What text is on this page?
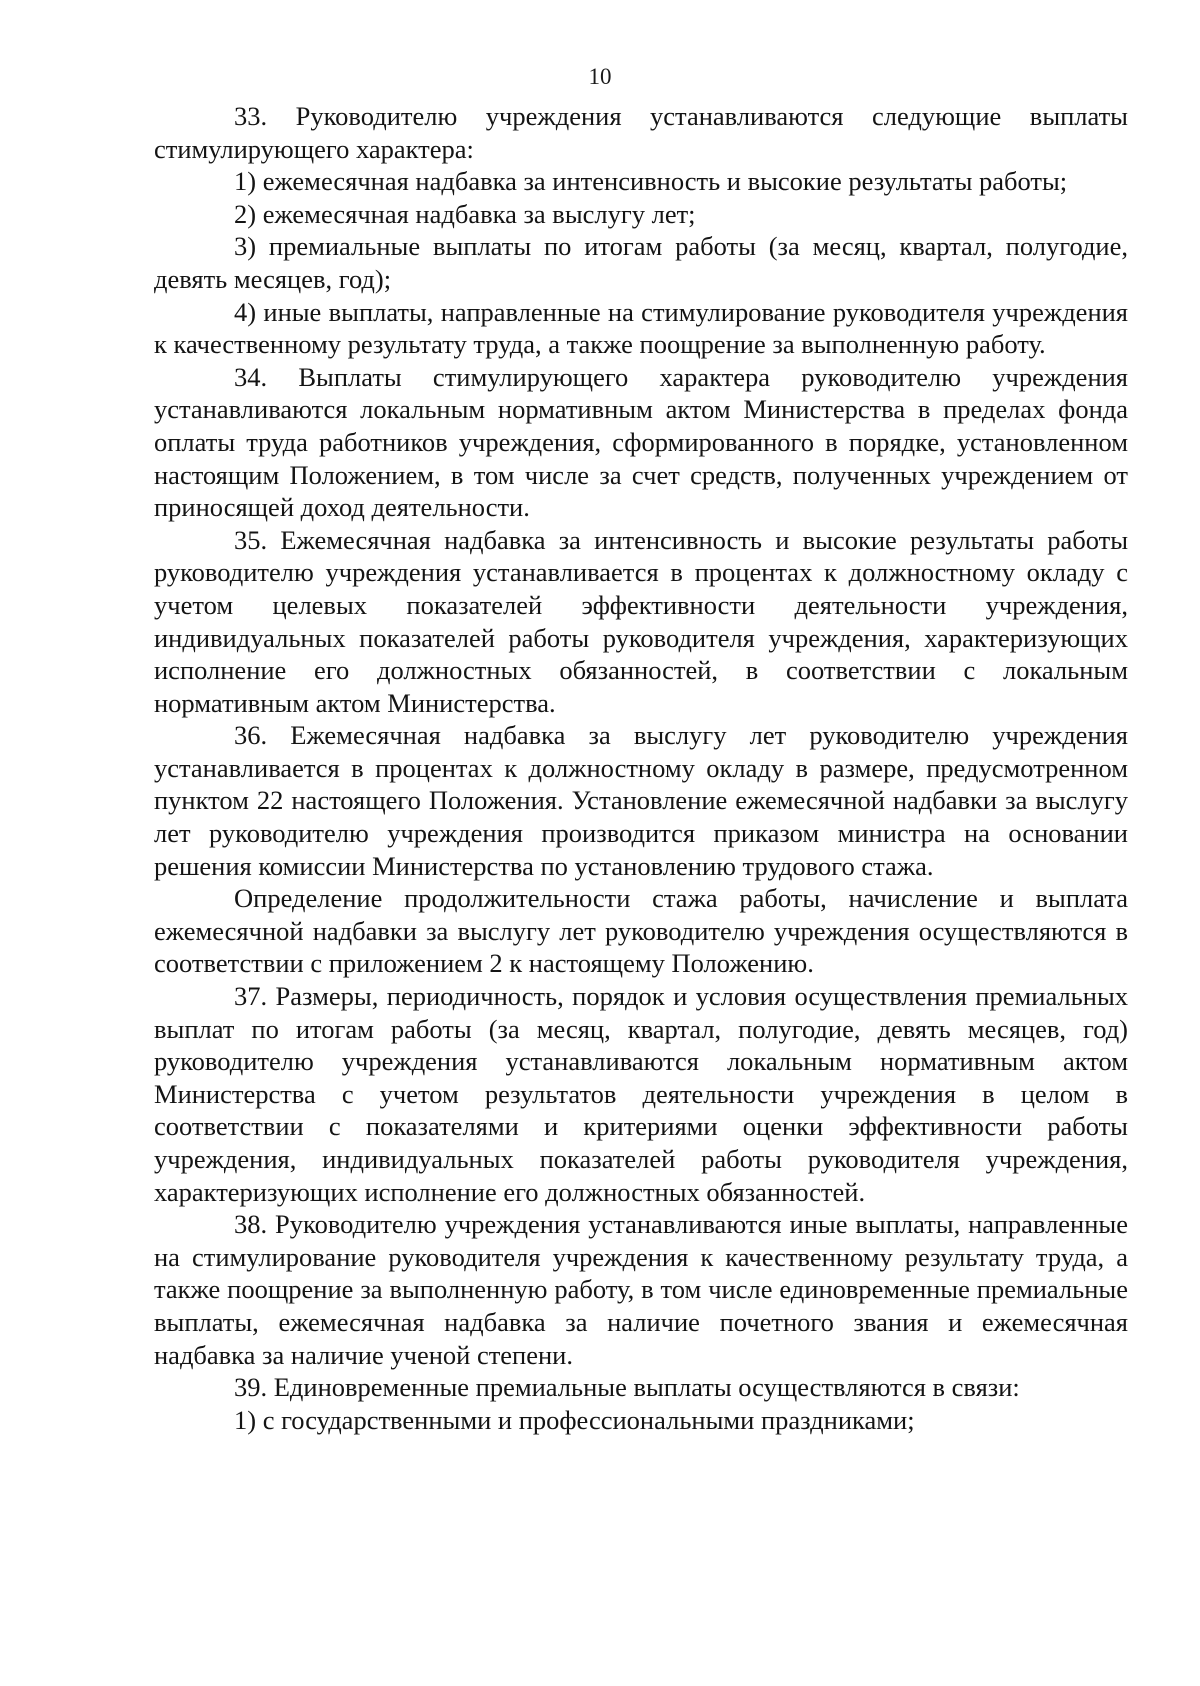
10

33. Руководителю учреждения устанавливаются следующие выплаты стимулирующего характера:

1) ежемесячная надбавка за интенсивность и высокие результаты работы;

2) ежемесячная надбавка за выслугу лет;

3) премиальные выплаты по итогам работы (за месяц, квартал, полугодие, девять месяцев, год);

4) иные выплаты, направленные на стимулирование руководителя учреждения к качественному результату труда, а также поощрение за выполненную работу.

34. Выплаты стимулирующего характера руководителю учреждения устанавливаются локальным нормативным актом Министерства в пределах фонда оплаты труда работников учреждения, сформированного в порядке, установленном настоящим Положением, в том числе за счет средств, полученных учреждением от приносящей доход деятельности.

35. Ежемесячная надбавка за интенсивность и высокие результаты работы руководителю учреждения устанавливается в процентах к должностному окладу с учетом целевых показателей эффективности деятельности учреждения, индивидуальных показателей работы руководителя учреждения, характеризующих исполнение его должностных обязанностей, в соответствии с локальным нормативным актом Министерства.

36. Ежемесячная надбавка за выслугу лет руководителю учреждения устанавливается в процентах к должностному окладу в размере, предусмотренном пунктом 22 настоящего Положения. Установление ежемесячной надбавки за выслугу лет руководителю учреждения производится приказом министра на основании решения комиссии Министерства по установлению трудового стажа.

Определение продолжительности стажа работы, начисление и выплата ежемесячной надбавки за выслугу лет руководителю учреждения осуществляются в соответствии с приложением 2 к настоящему Положению.

37. Размеры, периодичность, порядок и условия осуществления премиальных выплат по итогам работы (за месяц, квартал, полугодие, девять месяцев, год) руководителю учреждения устанавливаются локальным нормативным актом Министерства с учетом результатов деятельности учреждения в целом в соответствии с показателями и критериями оценки эффективности работы учреждения, индивидуальных показателей работы руководителя учреждения, характеризующих исполнение его должностных обязанностей.

38. Руководителю учреждения устанавливаются иные выплаты, направленные на стимулирование руководителя учреждения к качественному результату труда, а также поощрение за выполненную работу, в том числе единовременные премиальные выплаты, ежемесячная надбавка за наличие почетного звания и ежемесячная надбавка за наличие ученой степени.

39. Единовременные премиальные выплаты осуществляются в связи:

1) с государственными и профессиональными праздниками;
